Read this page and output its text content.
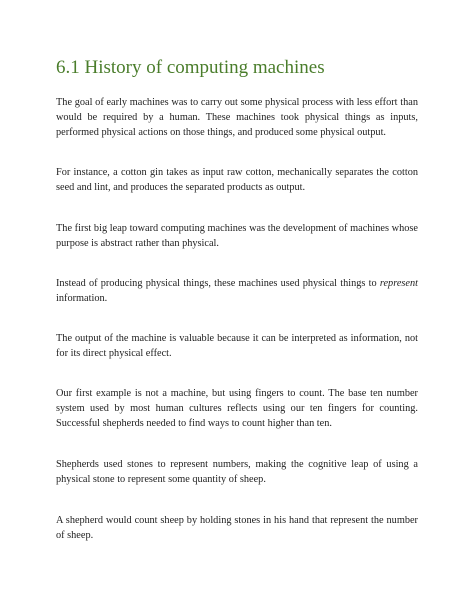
6.1 History of computing machines

The goal of early machines was to carry out some physical process with less effort than would be required by a human. These machines took physical things as inputs, performed physical actions on those things, and produced some physical output.

For instance, a cotton gin takes as input raw cotton, mechanically separates the cotton seed and lint, and produces the separated products as output.

The first big leap toward computing machines was the development of machines whose purpose is abstract rather than physical.

Instead of producing physical things, these machines used physical things to represent information.

The output of the machine is valuable because it can be interpreted as information, not for its direct physical effect.

Our first example is not a machine, but using fingers to count. The base ten number system used by most human cultures reflects using our ten fingers for counting. Successful shepherds needed to find ways to count higher than ten.

Shepherds used stones to represent numbers, making the cognitive leap of using a physical stone to represent some quantity of sheep.

A shepherd would count sheep by holding stones in his hand that represent the number of sheep.
